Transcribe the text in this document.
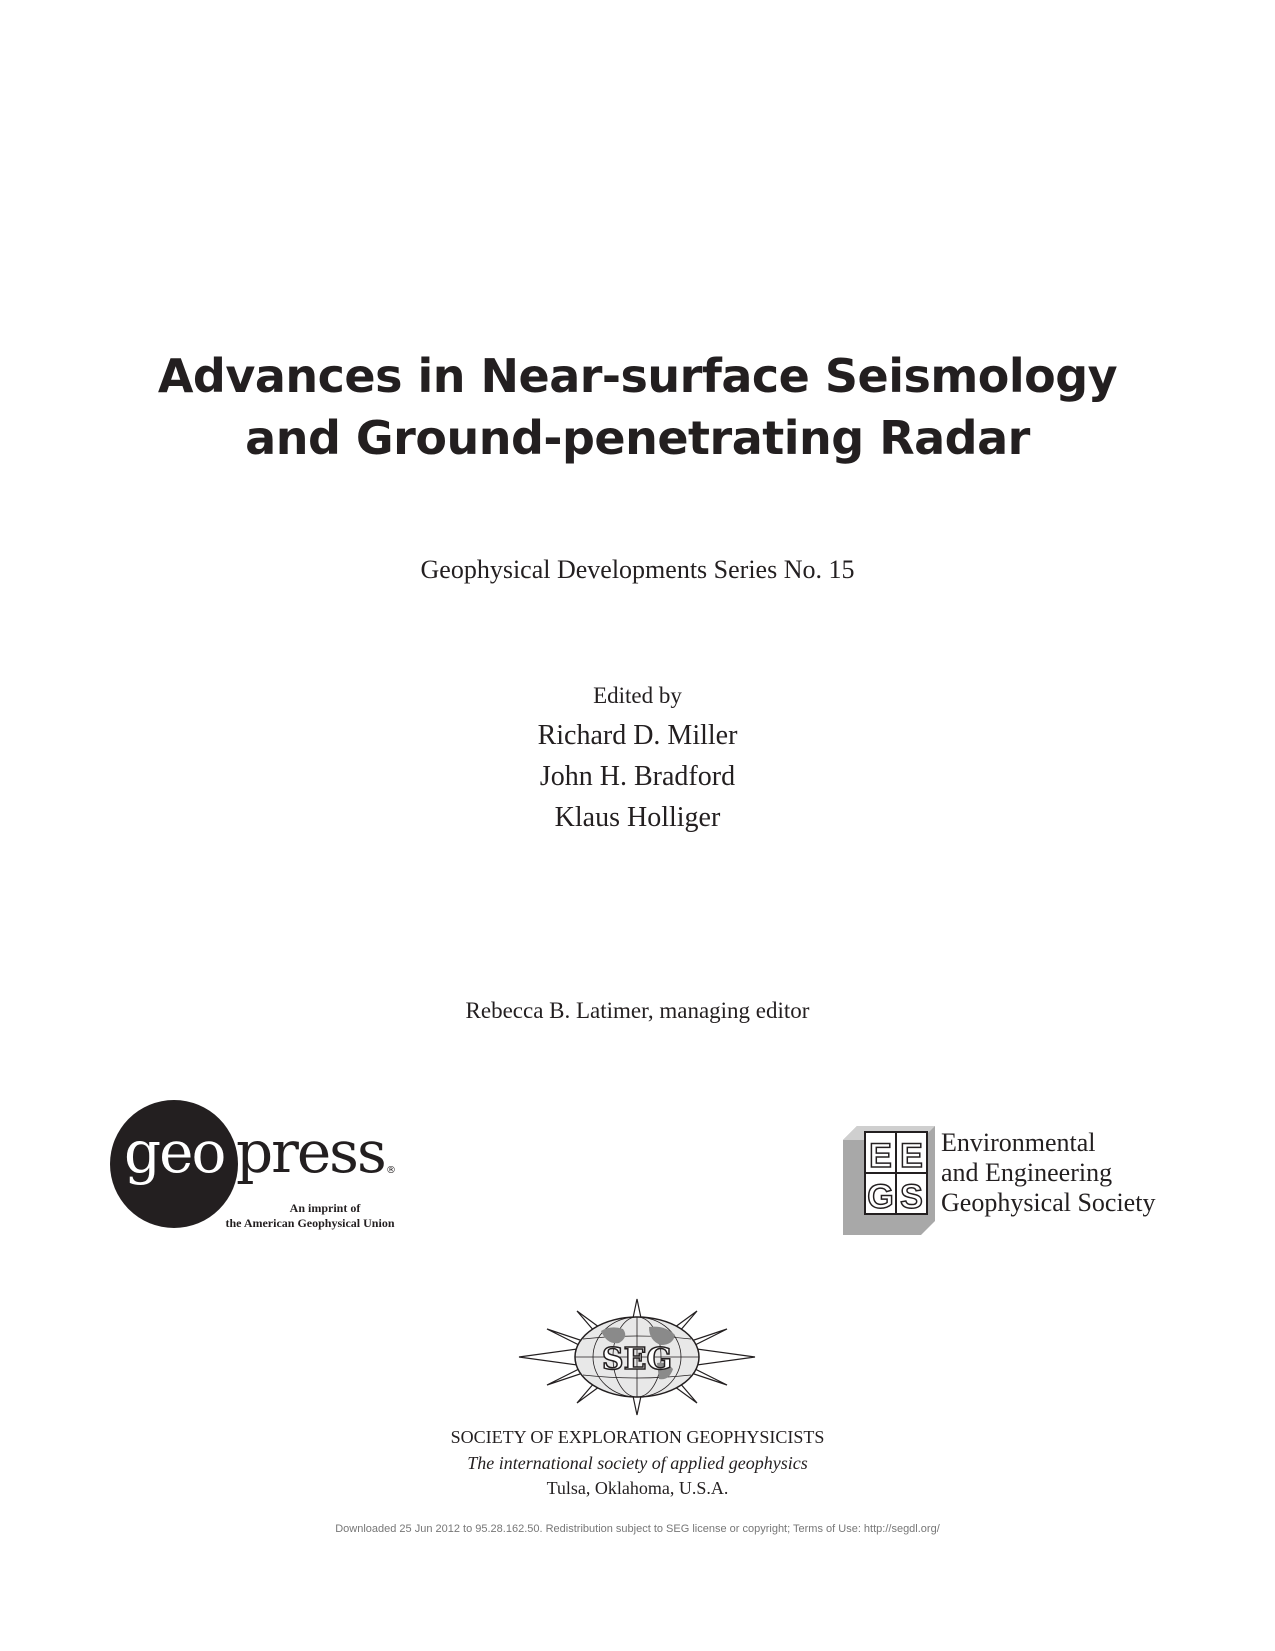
Advances in Near-surface Seismology
and Ground-penetrating Radar
Geophysical Developments Series No. 15
Edited by
Richard D. Miller
John H. Bradford
Klaus Holliger
Rebecca B. Latimer, managing editor
geo press ®
An imprint of
the American Geophysical Union
E E
G S
Environmental
and Engineering
Geophysical Society
SEG
SOCIETY OF EXPLORATION GEOPHYSICISTS
The international society of applied geophysics
Tulsa, Oklahoma, U.S.A.
Downloaded 25 Jun 2012 to 95.28.162.50. Redistribution subject to SEG license or copyright; Terms of Use: http://segdl.org/
